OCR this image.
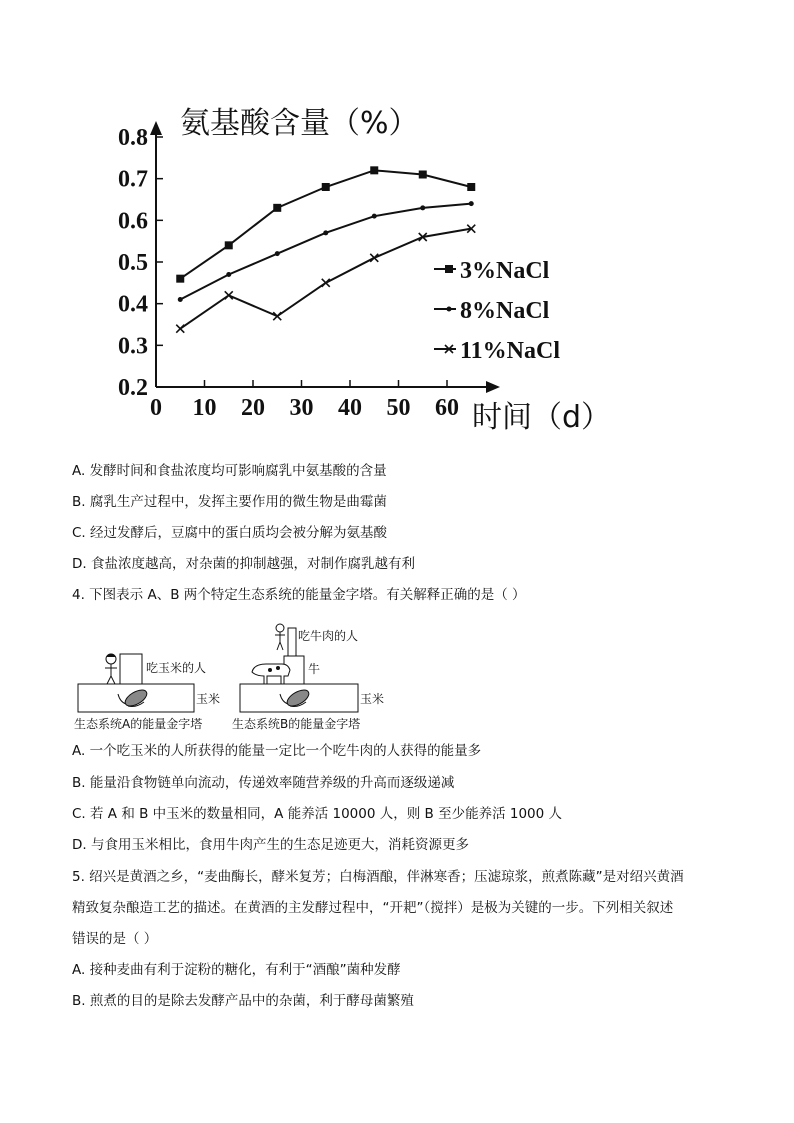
氨基酸含量（%）
0.2
0.3
0.4
0.5
0.6
0.7
0.8
0 10 20 30 40 50 60
3%NaCl
8%NaCl
11%NaCl
时间（d）
A. 发酵时间和食盐浓度均可影响腐乳中氨基酸的含量
B. 腐乳生产过程中，发挥主要作用的微生物是曲霉菌
C. 经过发酵后，豆腐中的蛋白质均会被分解为氨基酸
D. 食盐浓度越高，对杂菌的抑制越强，对制作腐乳越有利
4. 下图表示 A、B 两个特定生态系统的能量金字塔。有关解释正确的是（ ）
吃玉米的人
玉米
生态系统A的能量金字塔
吃牛肉的人
牛
玉米
生态系统B的能量金字塔
A. 一个吃玉米的人所获得的能量一定比一个吃牛肉的人获得的能量多
B. 能量沿食物链单向流动，传递效率随营养级的升高而逐级递减
C. 若 A 和 B 中玉米的数量相同，A 能养活 10000 人，则 B 至少能养活 1000 人
D. 与食用玉米相比，食用牛肉产生的生态足迹更大，消耗资源更多
5. 绍兴是黄酒之乡，“麦曲酶长，酵米复芳；白梅酒酿，伴淋寒香；压滤琼浆，煎煮陈藏”是对绍兴黄酒
精致复杂酿造工艺的描述。在黄酒的主发酵过程中，“开耙”（搅拌）是极为关键的一步。下列相关叙述
错误的是（ ）
A. 接种麦曲有利于淀粉的糖化，有利于“酒酿”菌种发酵
B. 煎煮的目的是除去发酵产品中的杂菌，利于酵母菌繁殖
